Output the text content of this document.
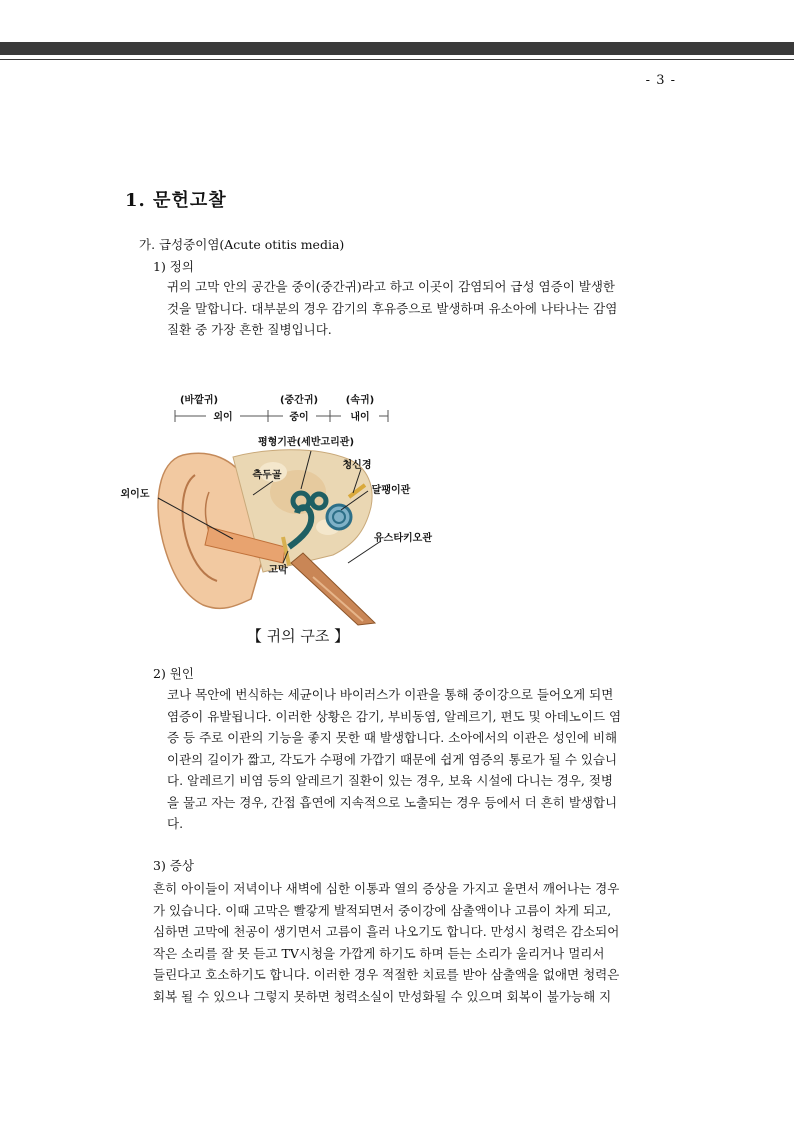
- 3 -
1. 문헌고찰
가. 급성중이염(Acute otitis media)
1) 정의

귀의 고막 안의 공간을 중이(중간귀)라고 하고 이곳이 감염되어 급성 염증이 발생한

것을 말합니다. 대부분의 경우 감기의 후유증으로 발생하며 유소아에 나타나는 감염

질환 중 가장 흔한 질병입니다.

(바깥귀)
외이
(중간귀)
중이
(속귀)
내이
평형기관(세반고리관)
측두골
청신경
외이도	달팽이관
유스타키오관
고막
【 귀의 구조 】
2) 원인

코나 목안에 번식하는 세균이나 바이러스가 이관을 통해 중이강으로 들어오게 되면

염증이 유발됩니다. 이러한 상황은 감기, 부비동염, 알레르기, 편도 및 아데노이드 염

증 등 주로 이관의 기능을 좋지 못한 때 발생합니다. 소아에서의 이관은 성인에 비해

이관의 길이가 짧고, 각도가 수평에 가깝기 때문에 쉽게 염증의 통로가 될 수 있습니

다. 알레르기 비염 등의 알레르기 질환이 있는 경우, 보육 시설에 다니는 경우, 젖병

을 물고 자는 경우, 간접 흡연에 지속적으로 노출되는 경우 등에서 더 흔히 발생합니

다.

3) 증상

흔히 아이들이 저녁이나 새벽에 심한 이통과 열의 증상을 가지고 울면서 깨어나는 경우

가 있습니다. 이때 고막은 빨갛게 발적되면서 중이강에 삼출액이나 고름이 차게 되고,

심하면 고막에 천공이 생기면서 고름이 흘러 나오기도 합니다. 만성시 청력은 감소되어

작은 소리를 잘 못 듣고 TV시청을 가깝게 하기도 하며 듣는 소리가 울리거나 멀리서

들린다고 호소하기도 합니다. 이러한 경우 적절한 치료를 받아 삼출액을 없애면 청력은

회복 될 수 있으나 그렇지 못하면 청력소실이 만성화될 수 있으며 회복이 불가능해 지
